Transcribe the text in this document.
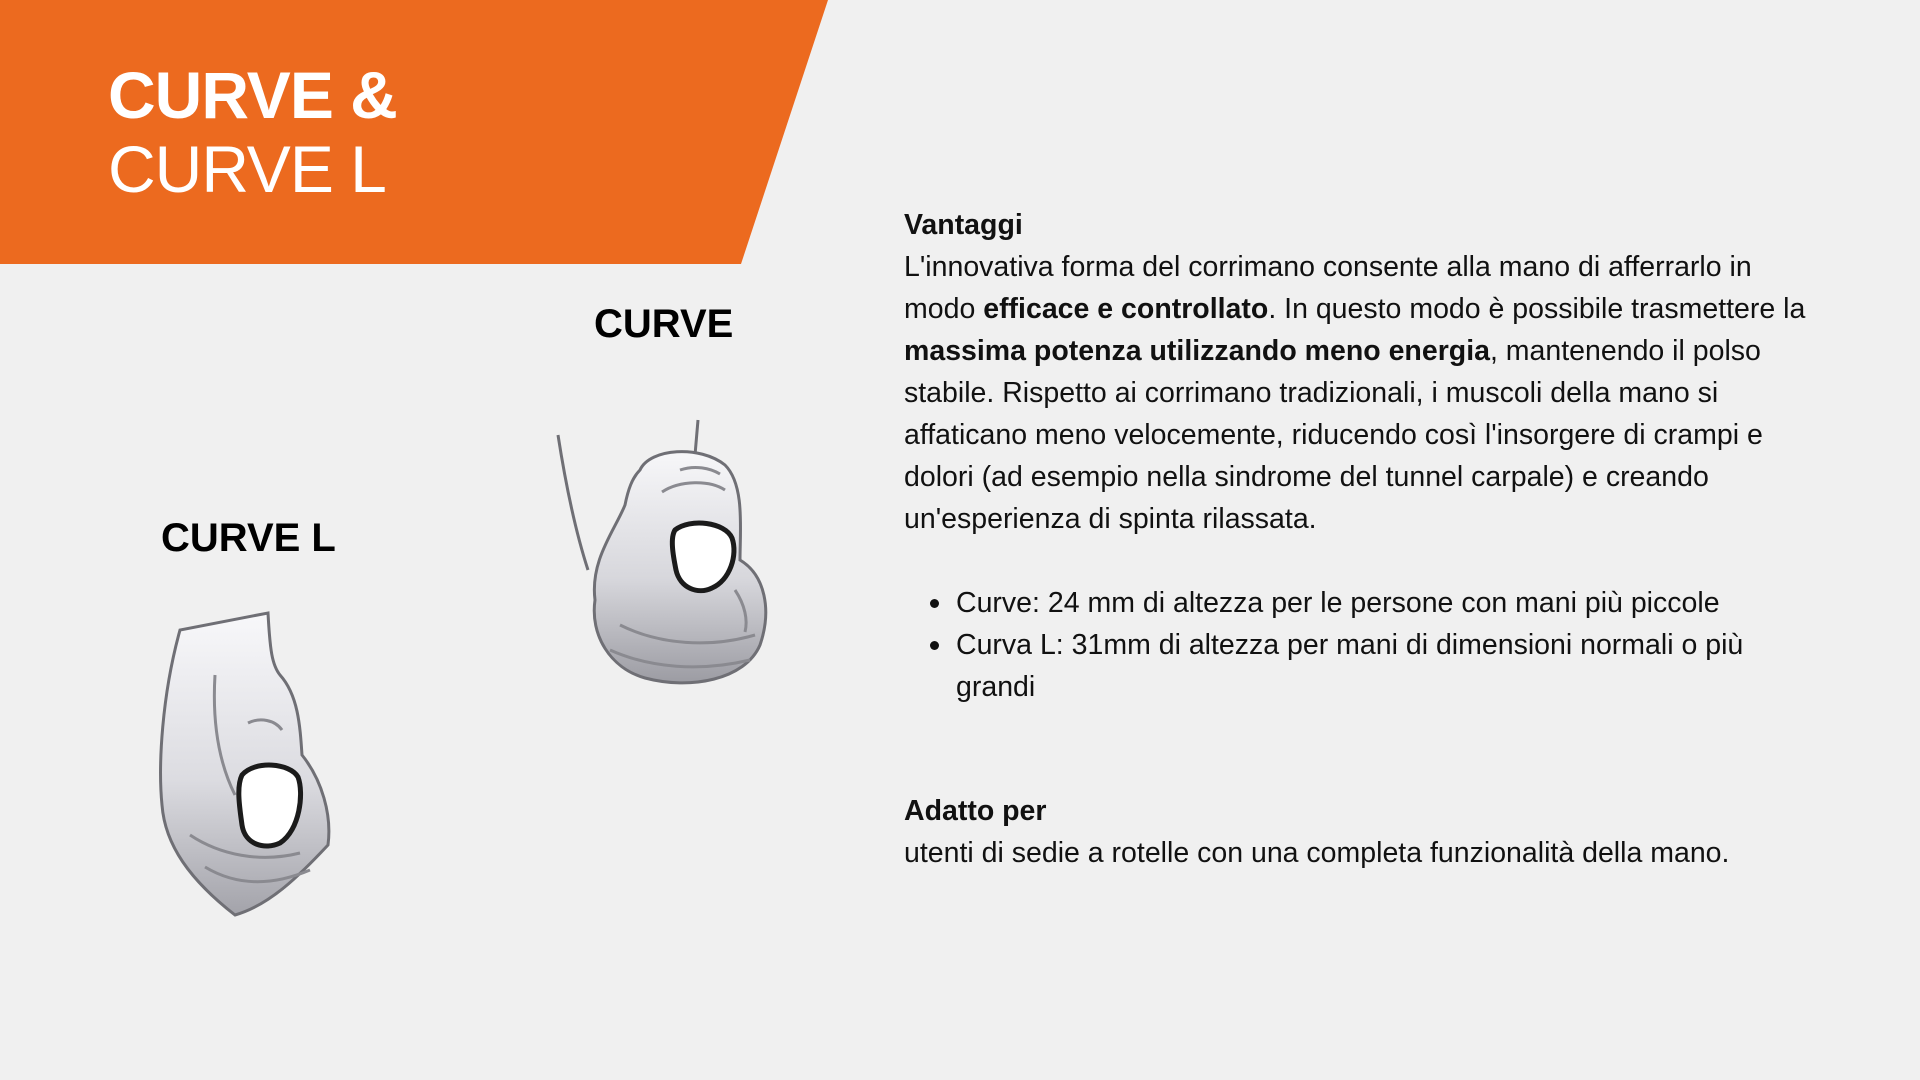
CURVE &
CURVE L
CURVE
CURVE L
Vantaggi

L'innovativa forma del corrimano consente alla mano di afferrarlo in modo efficace e controllato. In questo modo è possibile trasmettere la massima potenza utilizzando meno energia, mantenendo il polso stabile. Rispetto ai corrimano tradizionali, i muscoli della mano si affaticano meno velocemente, riducendo così l'insorgere di crampi e dolori (ad esempio nella sindrome del tunnel carpale) e creando un'esperienza di spinta rilassata.

Curve: 24 mm di altezza per le persone con mani più piccole
Curva L: 31mm di altezza per mani di dimensioni normali o più grandi
Adatto per

utenti di sedie a rotelle con una completa funzionalità della mano.
